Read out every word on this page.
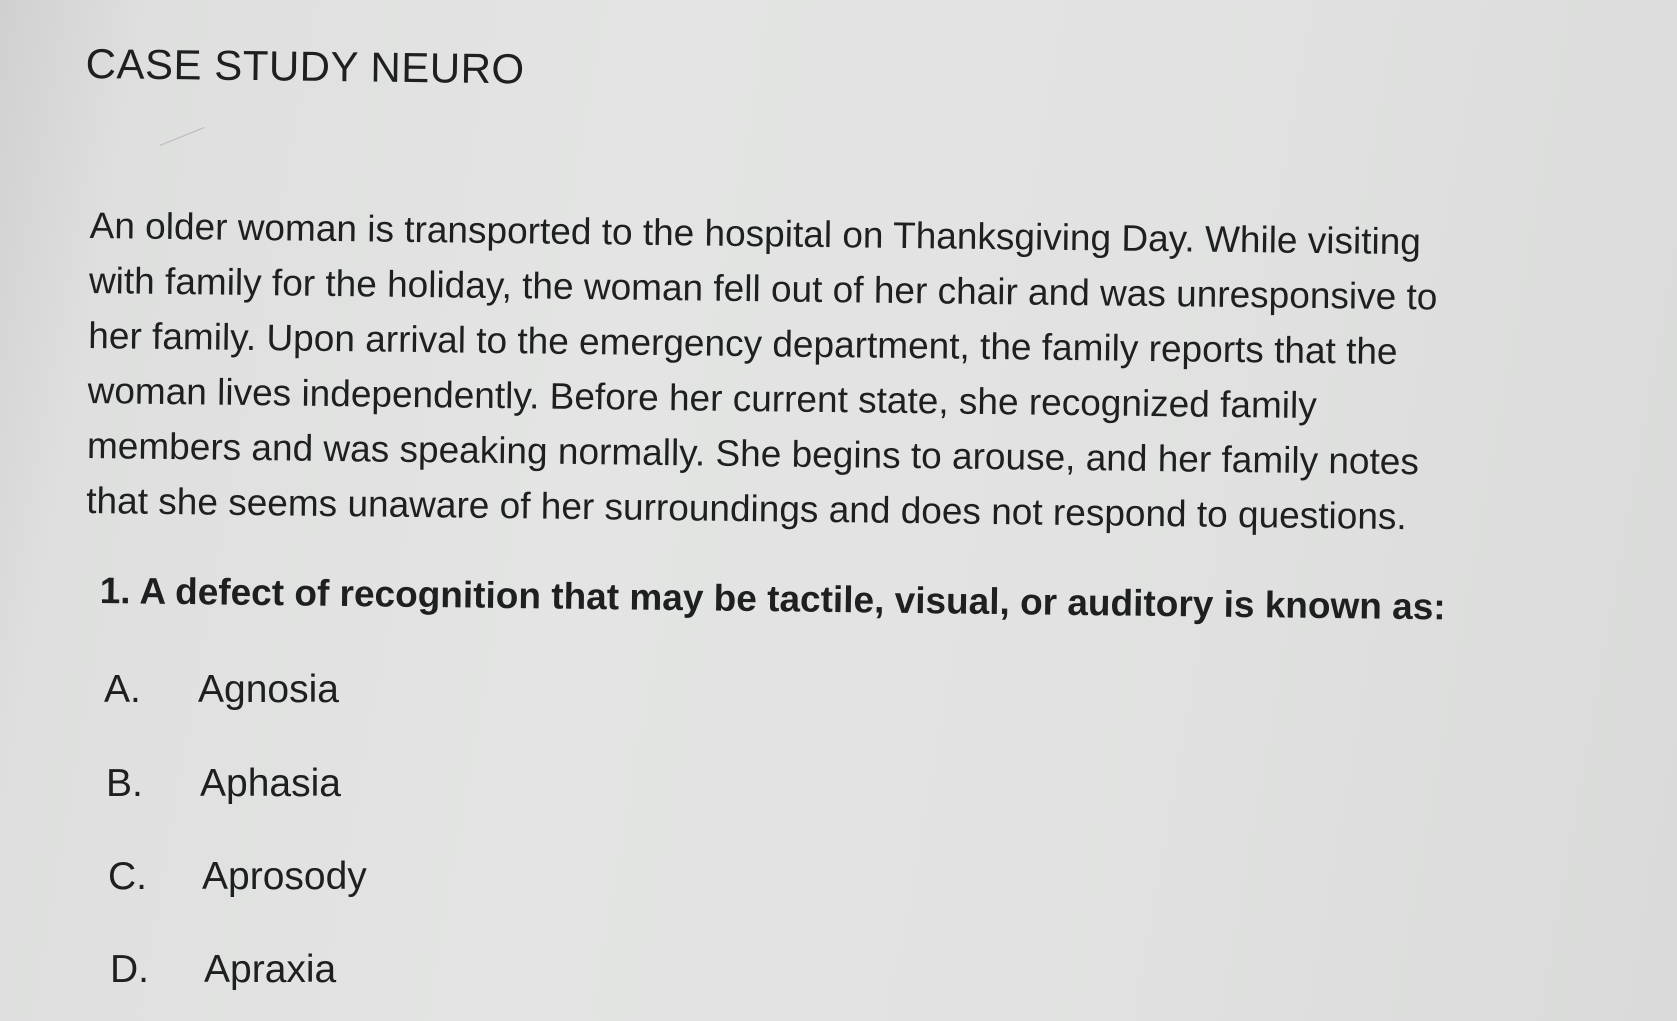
CASE STUDY NEURO
An older woman is transported to the hospital on Thanksgiving Day. While visiting
with family for the holiday, the woman fell out of her chair and was unresponsive to
her family. Upon arrival to the emergency department, the family reports that the
woman lives independently. Before her current state, she recognized family
members and was speaking normally. She begins to arouse, and her family notes
that she seems unaware of her surroundings and does not respond to questions.
1. A defect of recognition that may be tactile, visual, or auditory is known as:
A. Agnosia
B. Aphasia
C. Aprosody
D. Apraxia
